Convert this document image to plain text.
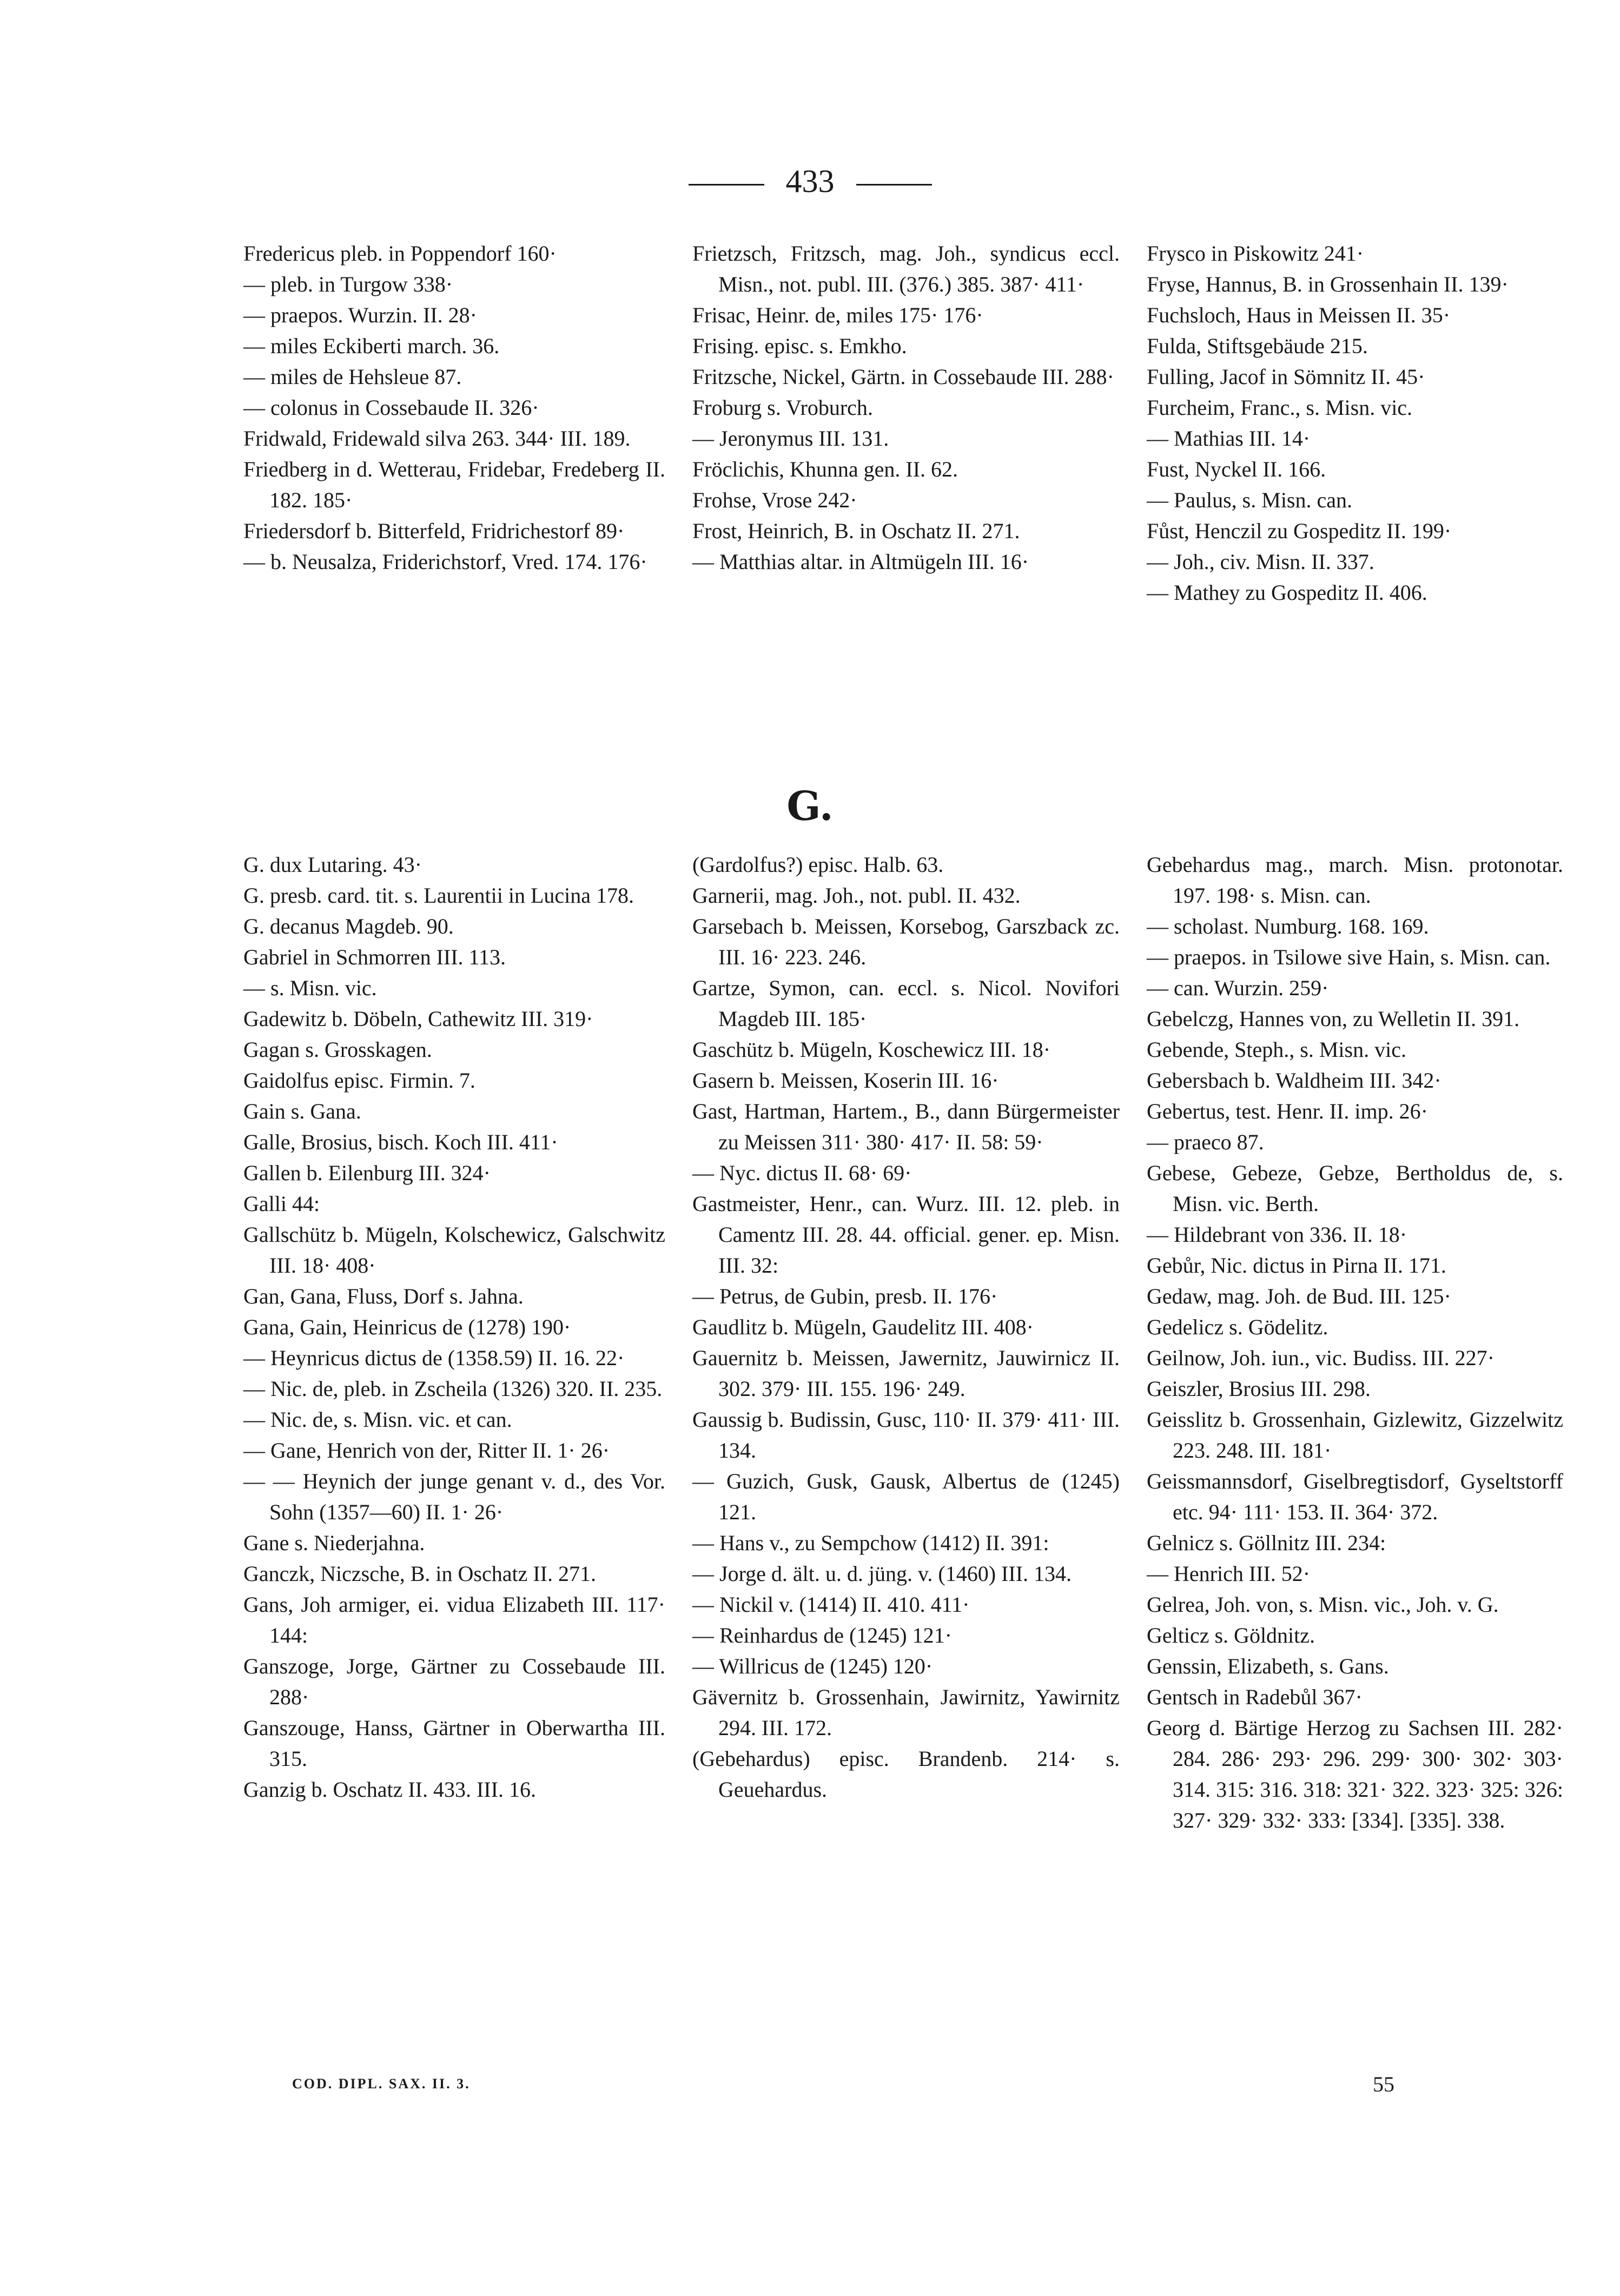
433
Fredericus pleb. in Poppendorf 160·
— pleb. in Turgow 338·
— praepos. Wurzin. II. 28·
— miles Eckiberti march. 36.
— miles de Hehsleue 87.
— colonus in Cossebaude II. 326·
Fridwald, Fridewald silva 263. 344· III. 189.
Friedberg in d. Wetterau, Fridebar, Fredeberg II. 182. 185·
Friedersdorf b. Bitterfeld, Fridrichestorf 89·
— b. Neusalza, Friderichstorf, Vred. 174. 176·
Frietzsch, Fritzsch, mag. Joh., syndicus eccl. Misn., not. publ. III. (376.) 385. 387· 411·
Frisac, Heinr. de, miles 175· 176·
Frising. episc. s. Emkho.
Fritzsche, Nickel, Gärtn. in Cossebaude III. 288·
Froburg s. Vroburch.
— Jeronymus III. 131.
Fröclichis, Khunna gen. II. 62.
Frohse, Vrose 242·
Frost, Heinrich, B. in Oschatz II. 271.
— Matthias altar. in Altmügeln III. 16·
Frysco in Piskowitz 241·
Fryse, Hannus, B. in Grossenhain II. 139·
Fuchsloch, Haus in Meissen II. 35·
Fulda, Stiftsgebäude 215.
Fulling, Jacof in Sömnitz II. 45·
Furcheim, Franc., s. Misn. vic.
— Mathias III. 14·
Fust, Nyckel II. 166.
— Paulus, s. Misn. can.
Fůst, Henczil zu Gospeditz II. 199·
— Joh., civ. Misn. II. 337.
— Mathey zu Gospeditz II. 406.
G.
G. dux Lutaring. 43·
G. presb. card. tit. s. Laurentii in Lucina 178.
G. decanus Magdeb. 90.
Gabriel in Schmorren III. 113.
— s. Misn. vic.
Gadewitz b. Döbeln, Cathewitz III. 319·
Gagan s. Grosskagen.
Gaidolfus episc. Firmin. 7.
Gain s. Gana.
Galle, Brosius, bisch. Koch III. 411·
Gallen b. Eilenburg III. 324·
Galli 44:
Gallschütz b. Mügeln, Kolschewicz, Galschwitz III. 18· 408·
Gan, Gana, Fluss, Dorf s. Jahna.
Gana, Gain, Heinricus de (1278) 190·
— Heynricus dictus de (1358.59) II. 16. 22·
— Nic. de, pleb. in Zscheila (1326) 320. II. 235.
— Nic. de, s. Misn. vic. et can.
— Gane, Henrich von der, Ritter II. 1· 26·
— — Heynich der junge genant v. d., des Vor. Sohn (1357—60) II. 1· 26·
Gane s. Niederjahna.
Ganczk, Niczsche, B. in Oschatz II. 271.
Gans, Joh armiger, ei. vidua Elizabeth III. 117· 144:
Ganszoge, Jorge, Gärtner zu Cossebaude III. 288·
Ganszouge, Hanss, Gärtner in Oberwartha III. 315.
Ganzig b. Oschatz II. 433. III. 16.
(Gardolfus?) episc. Halb. 63.
Garnerii, mag. Joh., not. publ. II. 432.
Garsebach b. Meissen, Korsebog, Garszback zc. III. 16· 223. 246.
Gartze, Symon, can. eccl. s. Nicol. Novifori Magdeb III. 185·
Gaschütz b. Mügeln, Koschewicz III. 18·
Gasern b. Meissen, Koserin III. 16·
Gast, Hartman, Hartem., B., dann Bürgermeister zu Meissen 311· 380· 417· II. 58: 59·
— Nyc. dictus II. 68· 69·
Gastmeister, Henr., can. Wurz. III. 12. pleb. in Camentz III. 28. 44. official. gener. ep. Misn. III. 32:
— Petrus, de Gubin, presb. II. 176·
Gaudlitz b. Mügeln, Gaudelitz III. 408·
Gauernitz b. Meissen, Jawernitz, Jauwirnicz II. 302. 379· III. 155. 196· 249.
Gaussig b. Budissin, Gusc, 110· II. 379· 411· III. 134.
— Guzich, Gusk, Gausk, Albertus de (1245) 121.
— Hans v., zu Sempchow (1412) II. 391:
— Jorge d. ält. u. d. jüng. v. (1460) III. 134.
— Nickil v. (1414) II. 410. 411·
— Reinhardus de (1245) 121·
— Willricus de (1245) 120·
Gävernitz b. Grossenhain, Jawirnitz, Yawirnitz 294. III. 172.
(Gebehardus) episc. Brandenb. 214· s. Geuehardus.
Gebehardus mag., march. Misn. protonotar. 197. 198· s. Misn. can.
— scholast. Numburg. 168. 169.
— praepos. in Tsilowe sive Hain, s. Misn. can.
— can. Wurzin. 259·
Gebelczg, Hannes von, zu Welletin II. 391.
Gebende, Steph., s. Misn. vic.
Gebersbach b. Waldheim III. 342·
Gebertus, test. Henr. II. imp. 26·
— praeco 87.
Gebese, Gebeze, Gebze, Bertholdus de, s. Misn. vic. Berth.
— Hildebrant von 336. II. 18·
Gebůr, Nic. dictus in Pirna II. 171.
Gedaw, mag. Joh. de Bud. III. 125·
Gedelicz s. Gödelitz.
Geilnow, Joh. iun., vic. Budiss. III. 227·
Geiszler, Brosius III. 298.
Geisslitz b. Grossenhain, Gizlewitz, Gizzelwitz 223. 248. III. 181·
Geissmannsdorf, Giselbregtisdorf, Gyseltstorff etc. 94· 111· 153. II. 364· 372.
Gelnicz s. Göllnitz III. 234:
— Henrich III. 52·
Gelrea, Joh. von, s. Misn. vic., Joh. v. G.
Gelticz s. Göldnitz.
Genssin, Elizabeth, s. Gans.
Gentsch in Radebůl 367·
Georg d. Bärtige Herzog zu Sachsen III. 282· 284. 286· 293· 296. 299· 300· 302· 303· 314. 315: 316. 318: 321· 322. 323· 325: 326: 327· 329· 332· 333: [334]. [335]. 338.
COD. DIPL. SAX. II. 3.	55
